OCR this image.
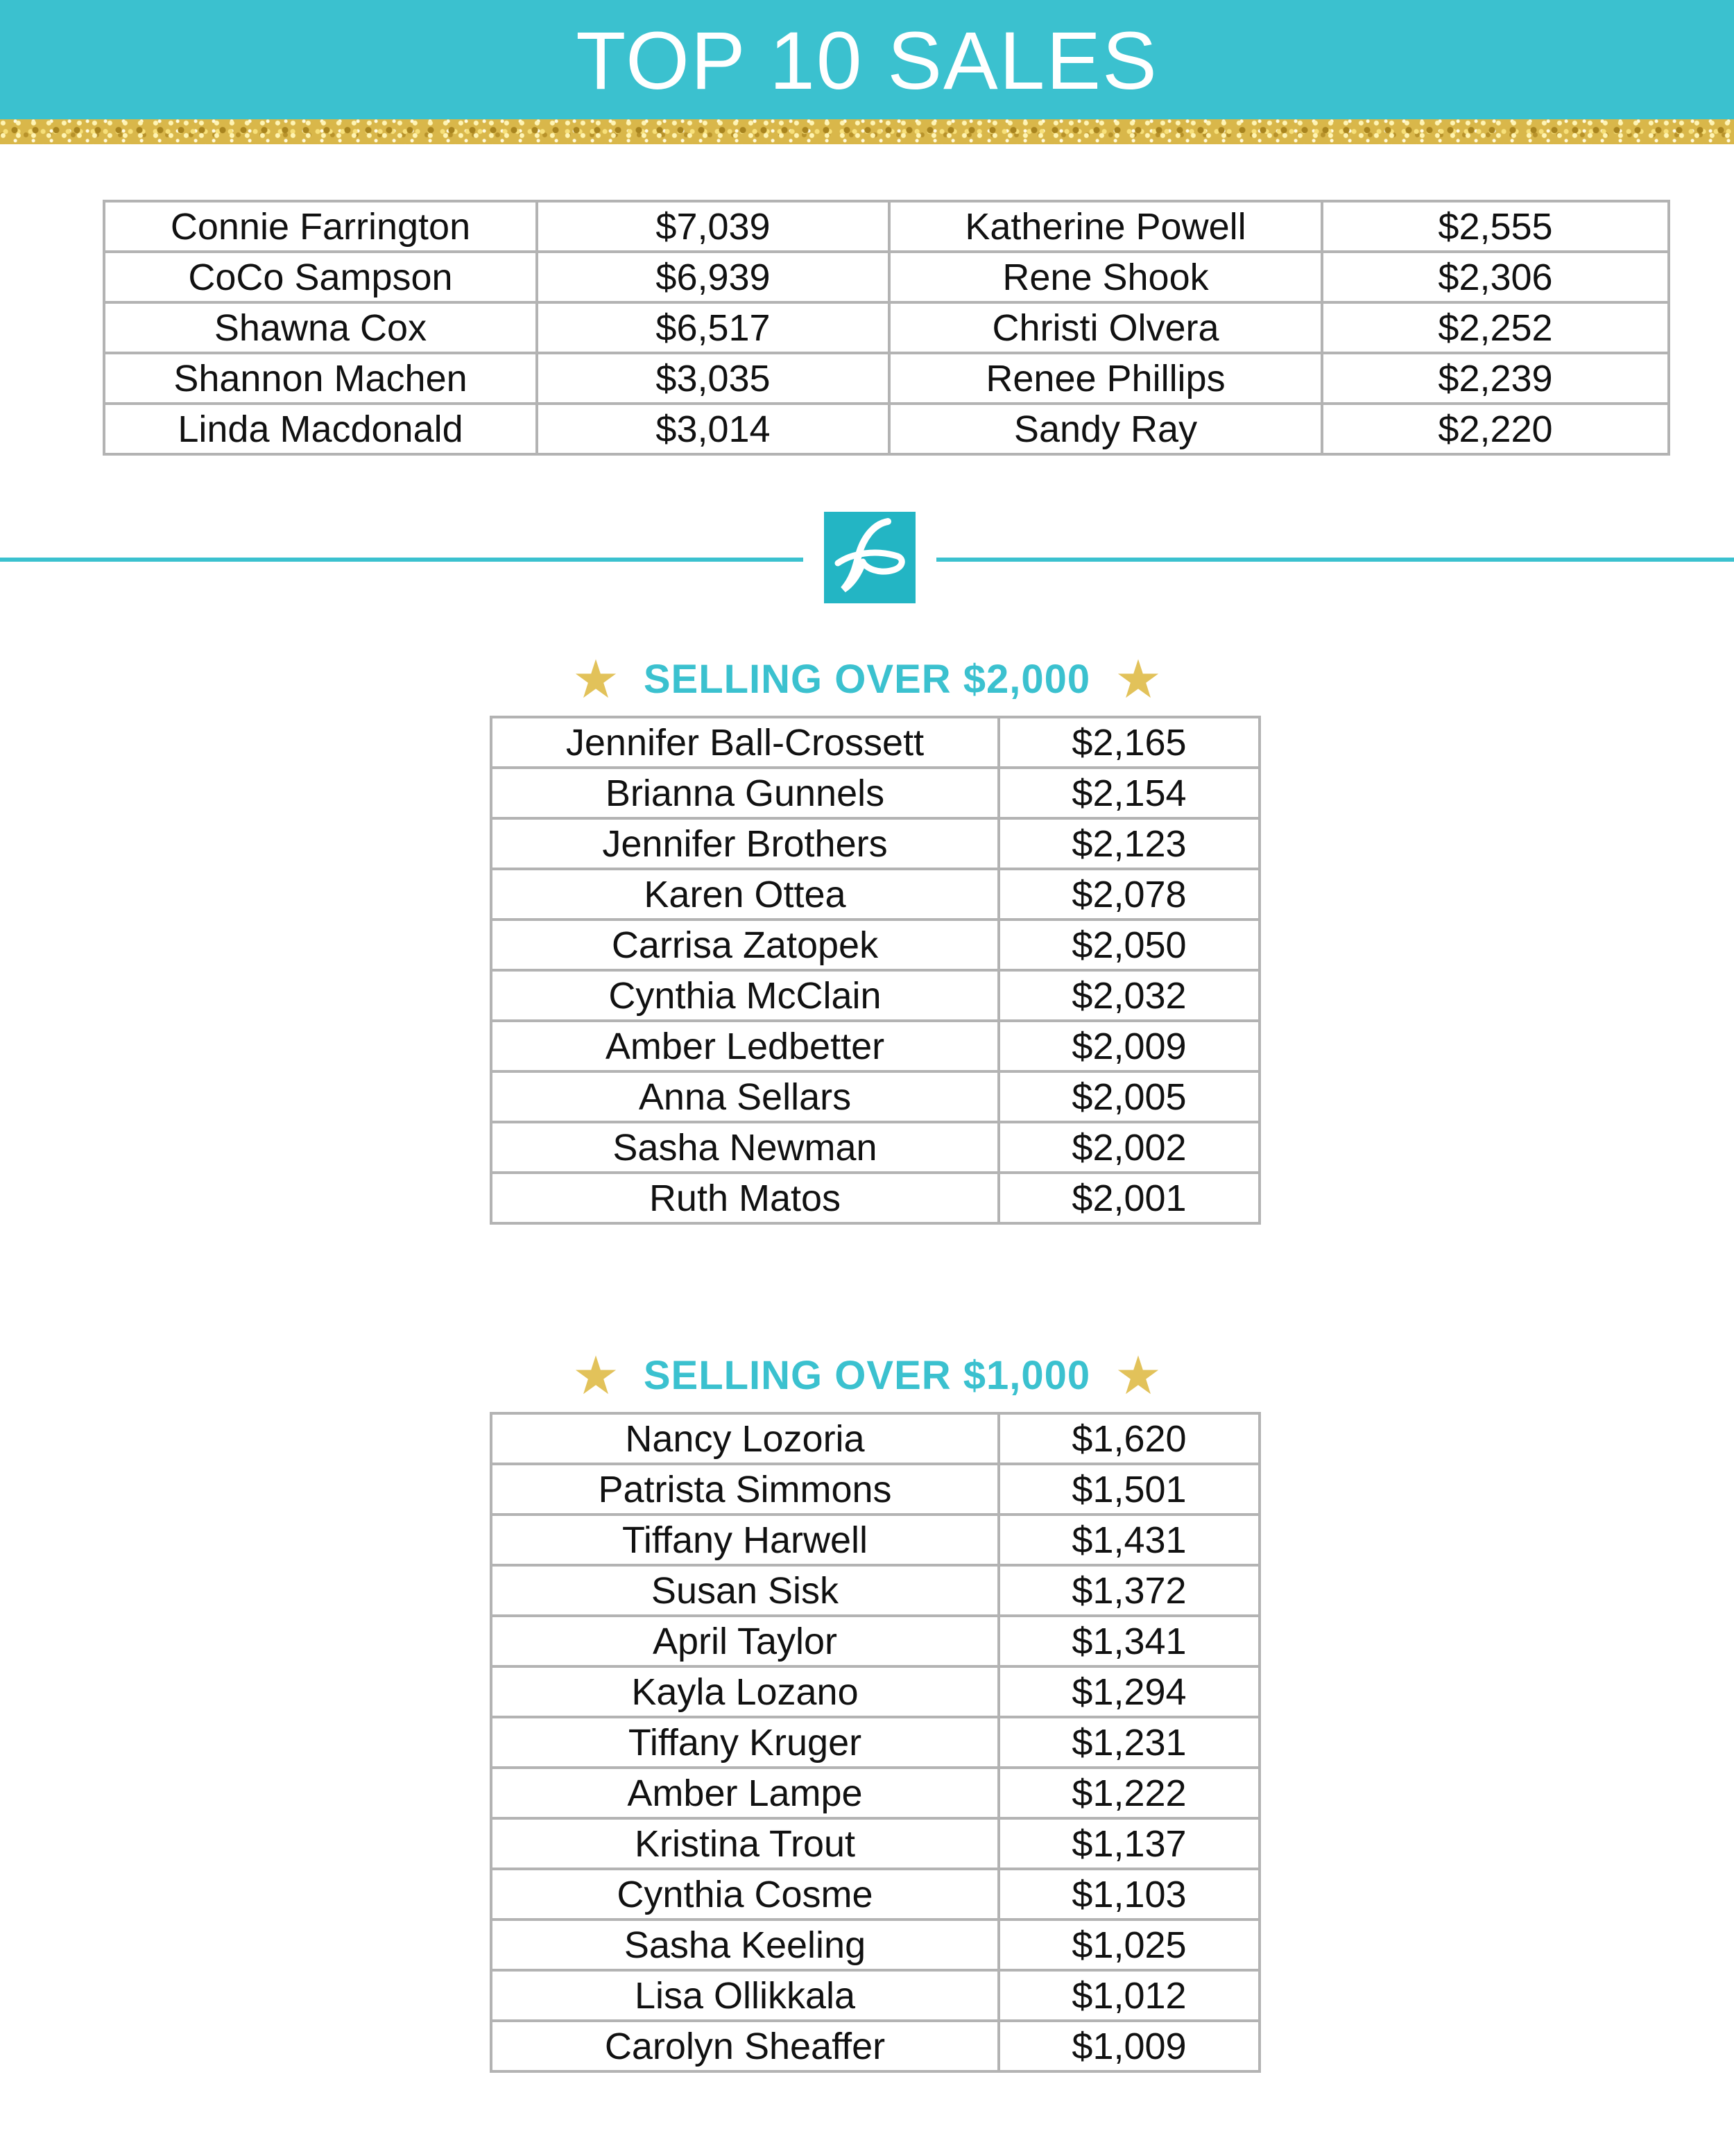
TOP 10 SALES
Connie Farrington	$7,039	Katherine Powell	$2,555
CoCo Sampson	$6,939	Rene Shook	$2,306
Shawna Cox	$6,517	Christi Olvera	$2,252
Shannon Machen	$3,035	Renee Phillips	$2,239
Linda Macdonald	$3,014	Sandy Ray	$2,220
SELLING OVER $2,000
Jennifer Ball-Crossett	$2,165
Brianna Gunnels	$2,154
Jennifer Brothers	$2,123
Karen Ottea	$2,078
Carrisa Zatopek	$2,050
Cynthia McClain	$2,032
Amber Ledbetter	$2,009
Anna Sellars	$2,005
Sasha Newman	$2,002
Ruth Matos	$2,001
SELLING OVER $1,000
Nancy Lozoria	$1,620
Patrista Simmons	$1,501
Tiffany Harwell	$1,431
Susan Sisk	$1,372
April Taylor	$1,341
Kayla Lozano	$1,294
Tiffany Kruger	$1,231
Amber Lampe	$1,222
Kristina Trout	$1,137
Cynthia Cosme	$1,103
Sasha Keeling	$1,025
Lisa Ollikkala	$1,012
Carolyn Sheaffer	$1,009
